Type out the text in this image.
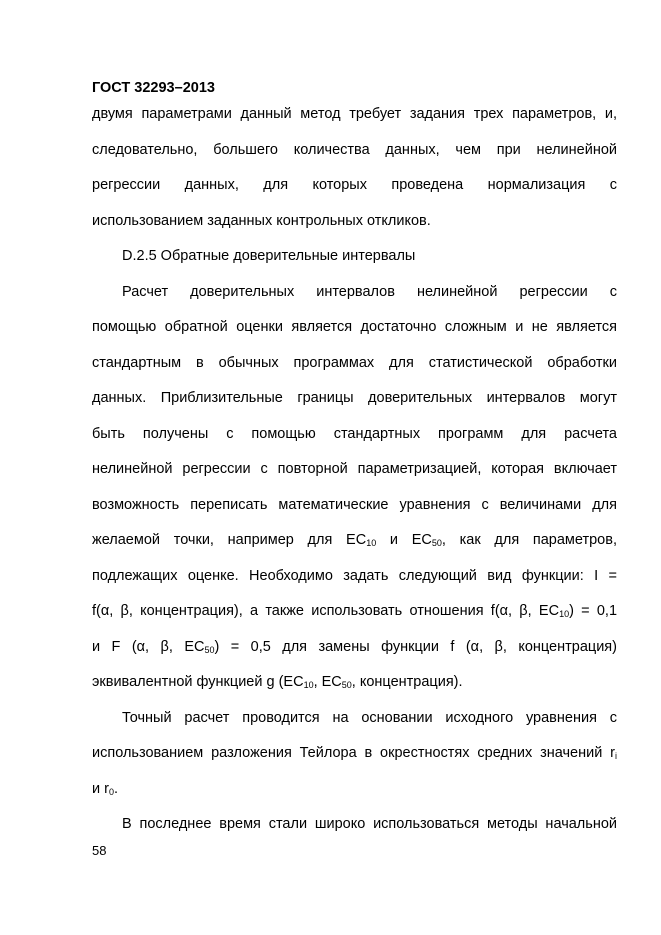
ГОСТ 32293–2013

двумя параметрами данный метод требует задания трех параметров, и,

следовательно, большего количества данных, чем при нелинейной

регрессии данных, для которых проведена нормализация с

использованием заданных контрольных откликов.

D.2.5 Обратные доверительные интервалы

Расчет доверительных интервалов нелинейной регрессии с

помощью обратной оценки является достаточно сложным и не является

стандартным в обычных программах для статистической обработки

данных. Приблизительные границы доверительных интервалов могут

быть получены с помощью стандартных программ для расчета

нелинейной регрессии с повторной параметризацией, которая включает

возможность переписать математические уравнения с величинами для

желаемой точки, например для $EC_{10}$ и $EC_{50}$, как для параметров,

подлежащих оценке. Необходимо задать следующий вид функции: I =

f(α, β, концентрация), а также использовать отношения f(α, β, $EC_{10}) = 0,1$

и F (α, β, $EC_{50}) = 0,5$ для замены функции f (α, β, концентрация)

эквивалентной функцией g ($EC_{10}$, $EC_{50}$, концентрация).

Точный расчет проводится на основании исходного уравнения с

использованием разложения Тейлора в окрестностях средних значений $r_i$

и $r_0$.

В последнее время стали широко использоваться методы начальной

58
